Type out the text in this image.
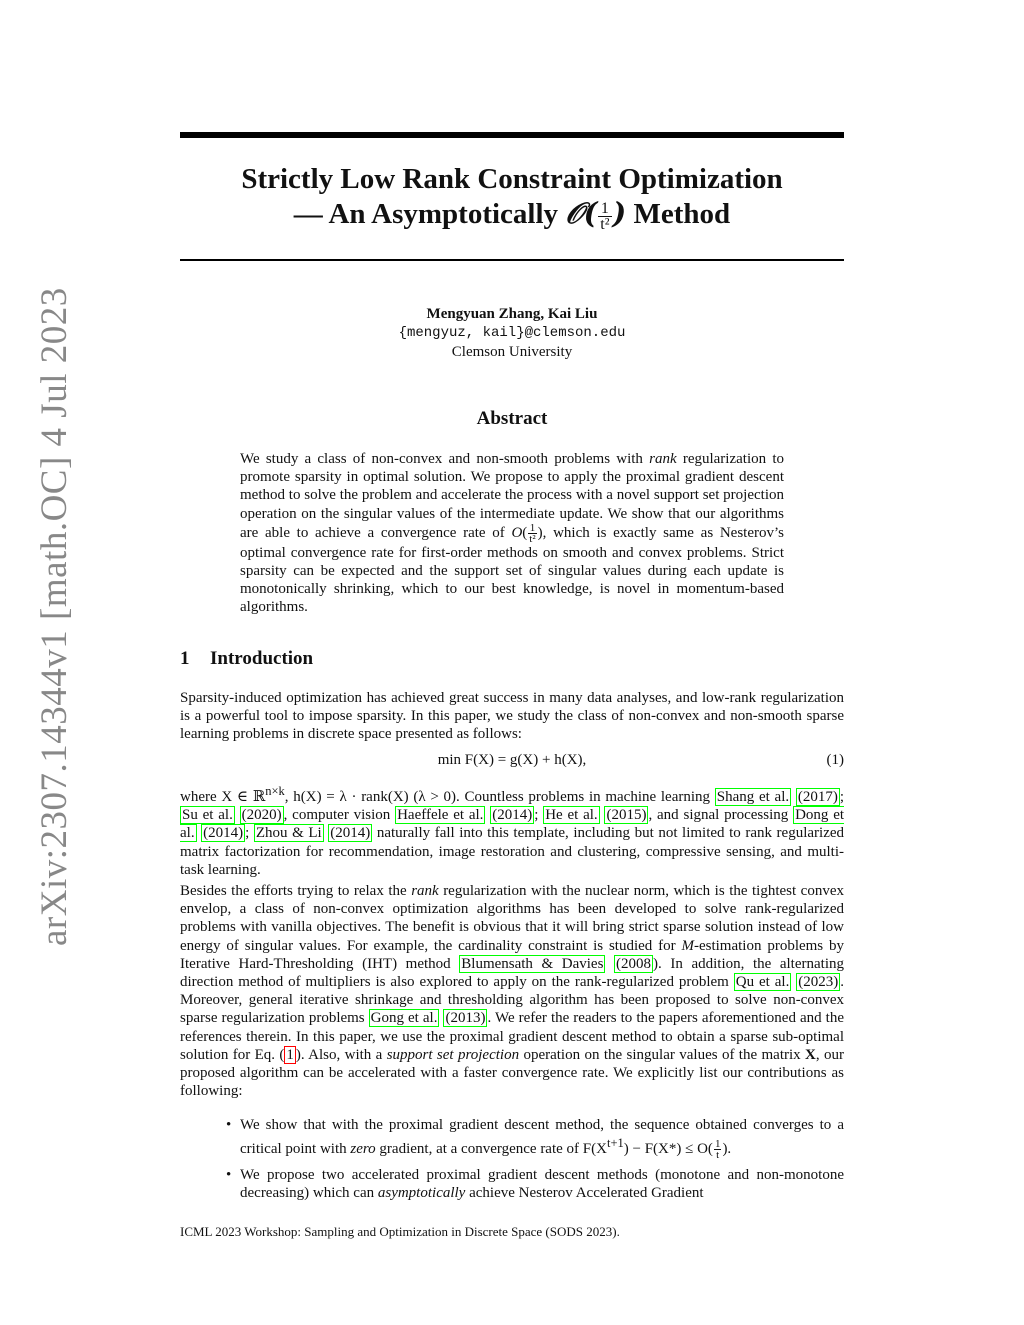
arXiv:2307.14344v1 [math.OC] 4 Jul 2023
Strictly Low Rank Constraint Optimization
— An Asymptotically 𝒪( $\frac{1}{\text{t²}}$ ) Method
Mengyuan Zhang, Kai Liu
{mengyuz, kail}@clemson.edu
Clemson University
Abstract
We study a class of non-convex and non-smooth problems with rank regularization to promote sparsity in optimal solution. We propose to apply the proximal gradient descent method to solve the problem and accelerate the process with a novel support set projection operation on the singular values of the intermediate update. We show that our algorithms are able to achieve a convergence rate of $O( \frac{1}{\text{t²}}$ ), which is exactly same as Nesterov’s optimal convergence rate for first-order methods on smooth and convex problems. Strict sparsity can be expected and the support set of singular values during each update is monotonically shrinking, which to our best knowledge, is novel in momentum-based algorithms.
1 Introduction
Sparsity-induced optimization has achieved great success in many data analyses, and low-rank regularization is a powerful tool to impose sparsity. In this paper, we study the class of non-convex and non-smooth sparse learning problems in discrete space presented as follows:
min F(X) = g(X) + h(X),	(1)
where X ∈ ℝ$^{n\times k}$, h(X) = λ · rank(X) (λ > 0). Countless problems in machine learning Shang et al. (2017) ; Su et al. (2020) , computer vision Haeffele et al. (2014) ; He et al. (2015) , and signal processing Dong et al. (2014) ; Zhou & Li (2014) naturally fall into this template, including but not limited to rank regularized matrix factorization for recommendation, image restoration and clustering, compressive sensing, and multi-task learning.
Besides the efforts trying to relax the rank regularization with the nuclear norm, which is the tightest convex envelop, a class of non-convex optimization algorithms has been developed to solve rank-regularized problems with vanilla objectives. The benefit is obvious that it will bring strict sparse solution instead of low energy of singular values. For example, the cardinality constraint is studied for M-estimation problems by Iterative Hard-Thresholding (IHT) method Blumensath & Davies (2008 ). In addition, the alternating direction method of multipliers is also explored to apply on the rank-regularized problem Qu et al. (2023) . Moreover, general iterative shrinkage and thresholding algorithm has been proposed to solve non-convex sparse regularization problems Gong et al. (2013) . We refer the readers to the papers aforementioned and the references therein. In this paper, we use the proximal gradient descent method to obtain a sparse sub-optimal solution for Eq. ( 1 ). Also, with a support set projection operation on the singular values of the matrix X, our proposed algorithm can be accelerated with a faster convergence rate. We explicitly list our contributions as following:
• We show that with the proximal gradient descent method, the sequence obtained converges to a critical point with zero gradient, at a convergence rate of $F(X^{t+1}) - F(X*) \le O( \frac{1}{t}$ ).
• We propose two accelerated proximal gradient descent methods (monotone and non-monotone decreasing) which can asymptotically achieve Nesterov Accelerated Gradient
ICML 2023 Workshop: Sampling and Optimization in Discrete Space (SODS 2023).
